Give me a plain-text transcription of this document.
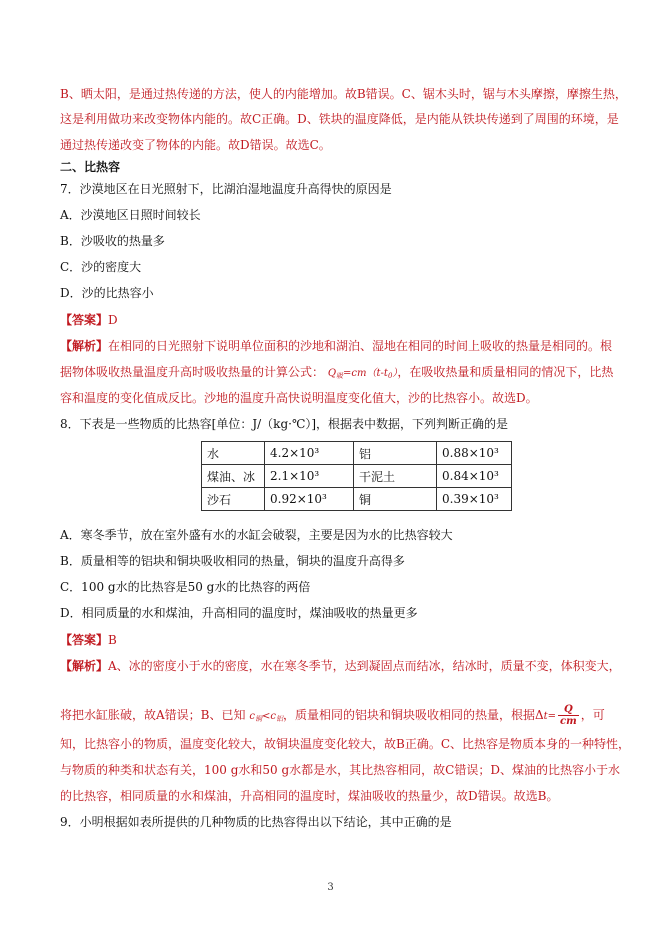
B、晒太阳，是通过热传递的方法，使人的内能增加。故B错误。C、锯木头时，锯与木头摩擦，摩擦生热，
这是利用做功来改变物体内能的。故C正确。D、铁块的温度降低，是内能从铁块传递到了周围的环境，是
通过热传递改变了物体的内能。故D错误。故选C。
二、比热容
7．沙漠地区在日光照射下，比湖泊湿地温度升高得快的原因是
A．沙漠地区日照时间较长
B．沙吸收的热量多
C．沙的密度大
D．沙的比热容小
【答案】D
【解析】在相同的日光照射下说明单位面积的沙地和湖泊、湿地在相同的时间上吸收的热量是相同的。根
据物体吸收热量温度升高时吸收热量的计算公式： $Q_吸=cm(t-t_0)$，在吸收热量和质量相同的情况下，比热
容和温度的变化值成反比。沙地的温度升高快说明温度变化值大，沙的比热容小。故选D。
8．下表是一些物质的比热容[单位：J/（kg·℃）]，根据表中数据，下列判断正确的是
水	4.2×10³	铝	0.88×10³
煤油、冰	2.1×10³	干泥土	0.84×10³
沙石	0.92×10³	铜	0.39×10³
A．寒冬季节，放在室外盛有水的水缸会破裂，主要是因为水的比热容较大
B．质量相等的铝块和铜块吸收相同的热量，铜块的温度升高得多
C．100 g水的比热容是50 g水的比热容的两倍
D．相同质量的水和煤油，升高相同的温度时，煤油吸收的热量更多
【答案】B
【解析】A、冰的密度小于水的密度，水在寒冬季节，达到凝固点而结冰，结冰时，质量不变，体积变大，
将把水缸胀破，故A错误；B、已知 $c_铜<c_铝$，质量相同的铝块和铜块吸收相同的热量，根据$\Delta t= \frac{Q}{cm}$ ，可
知，比热容小的物质，温度变化较大，故铜块温度变化较大，故B正确。C、比热容是物质本身的一种特性，
与物质的种类和状态有关，100 g水和50 g水都是水，其比热容相同，故C错误；D、煤油的比热容小于水
的比热容，相同质量的水和煤油，升高相同的温度时，煤油吸收的热量少，故D错误。故选B。
9．小明根据如表所提供的几种物质的比热容得出以下结论，其中正确的是
3
